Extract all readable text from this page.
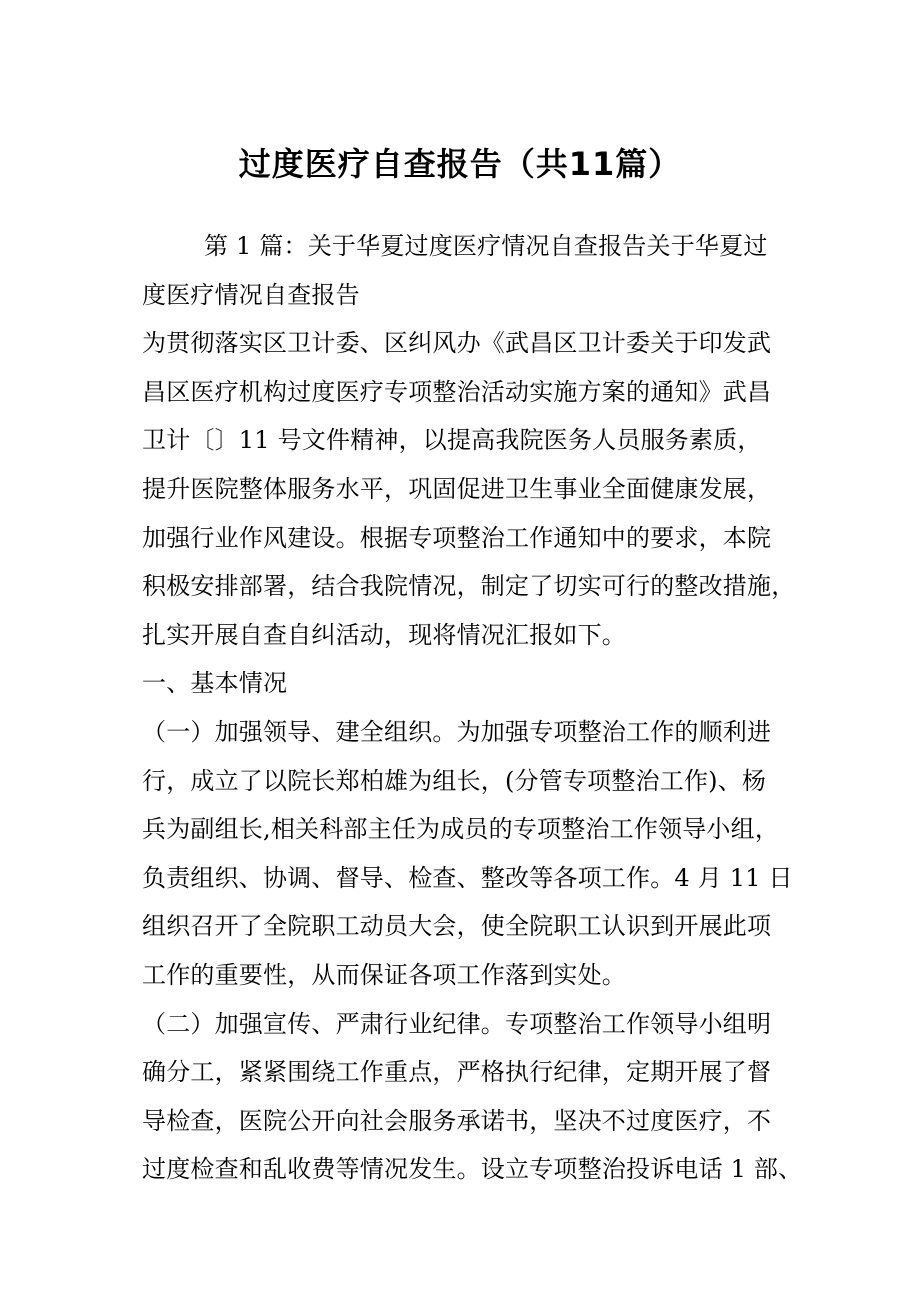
过度医疗自查报告（共11篇）
第 1 篇：关于华夏过度医疗情况自查报告关于华夏过
度医疗情况自查报告
为贯彻落实区卫计委、区纠风办《武昌区卫计委关于印发武
昌区医疗机构过度医疗专项整治活动实施方案的通知》武昌
卫计〔〕11 号文件精神，以提高我院医务人员服务素质，
提升医院整体服务水平，巩固促进卫生事业全面健康发展，
加强行业作风建设。根据专项整治工作通知中的要求，本院
积极安排部署，结合我院情况，制定了切实可行的整改措施，
扎实开展自查自纠活动，现将情况汇报如下。
一、基本情况
（一）加强领导、建全组织。为加强专项整治工作的顺利进
行，成立了以院长郑柏雄为组长，(分管专项整治工作)、杨
兵为副组长,相关科部主任为成员的专项整治工作领导小组，
负责组织、协调、督导、检查、整改等各项工作。4 月 11 日
组织召开了全院职工动员大会，使全院职工认识到开展此项
工作的重要性，从而保证各项工作落到实处。
（二）加强宣传、严肃行业纪律。专项整治工作领导小组明
确分工，紧紧围绕工作重点，严格执行纪律，定期开展了督
导检查，医院公开向社会服务承诺书，坚决不过度医疗，不
过度检查和乱收费等情况发生。设立专项整治投诉电话 1 部、
